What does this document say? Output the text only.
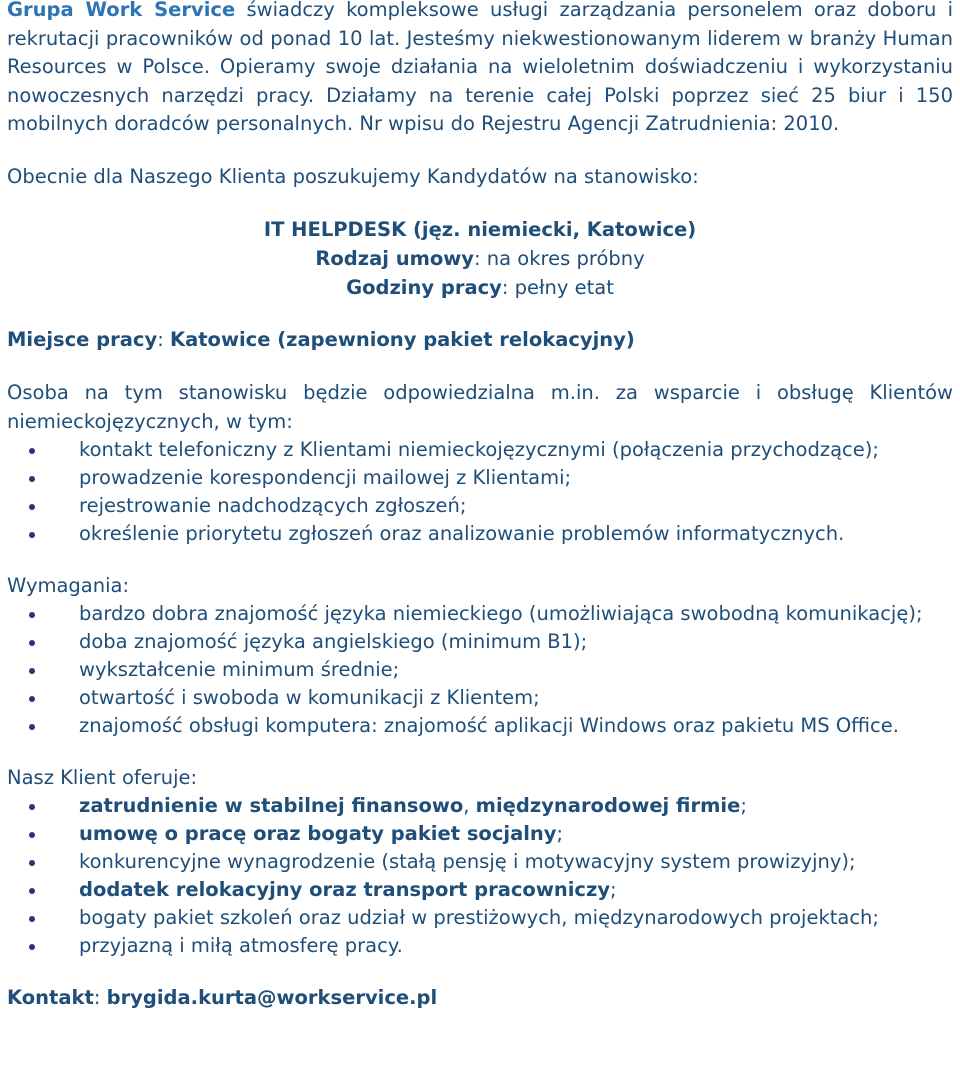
Grupa Work Service świadczy kompleksowe usługi zarządzania personelem oraz doboru i rekrutacji pracowników od ponad 10 lat. Jesteśmy niekwestionowanym liderem w branży Human Resources w Polsce. Opieramy swoje działania na wieloletnim doświadczeniu i wykorzystaniu nowoczesnych narzędzi pracy. Działamy na terenie całej Polski poprzez sieć 25 biur i 150 mobilnych doradców personalnych. Nr wpisu do Rejestru Agencji Zatrudnienia: 2010.

Obecnie dla Naszego Klienta poszukujemy Kandydatów na stanowisko:

IT HELPDESK (jęz. niemiecki, Katowice)

Rodzaj umowy: na okres próbny

Godziny pracy: pełny etat

Miejsce pracy: Katowice (zapewniony pakiet relokacyjny)

Osoba na tym stanowisku będzie odpowiedzialna m.in. za wsparcie i obsługę Klientów niemieckojęzycznych, w tym:

kontakt telefoniczny z Klientami niemieckojęzycznymi (połączenia przychodzące);
prowadzenie korespondencji mailowej z Klientami;
rejestrowanie nadchodzących zgłoszeń;
określenie priorytetu zgłoszeń oraz analizowanie problemów informatycznych.

Wymagania:

bardzo dobra znajomość języka niemieckiego (umożliwiająca swobodną komunikację);
doba znajomość języka angielskiego (minimum B1);
wykształcenie minimum średnie;
otwartość i swoboda w komunikacji z Klientem;
znajomość obsługi komputera: znajomość aplikacji Windows oraz pakietu MS Office.

Nasz Klient oferuje:

zatrudnienie w stabilnej finansowo, międzynarodowej firmie;
umowę o pracę oraz bogaty pakiet socjalny;
konkurencyjne wynagrodzenie (stałą pensję i motywacyjny system prowizyjny);
dodatek relokacyjny oraz transport pracowniczy;
bogaty pakiet szkoleń oraz udział w prestiżowych, międzynarodowych projektach;
przyjazną i miłą atmosferę pracy.

Kontakt: brygida.kurta@workservice.pl
